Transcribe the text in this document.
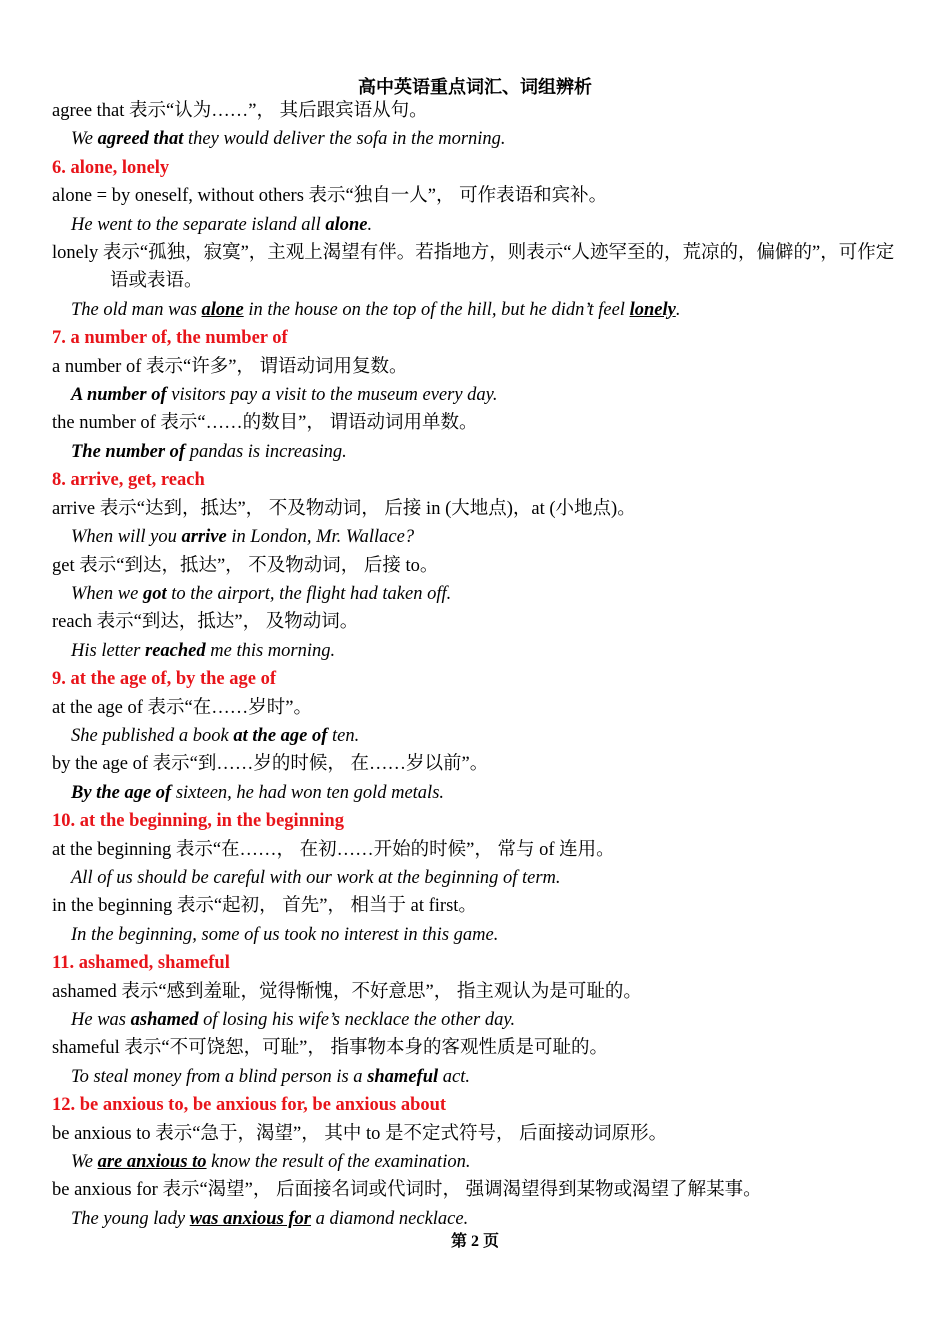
高中英语重点词汇、词组辨析
agree that 表示“认为……”， 其后跟宾语从句。
We agreed that they would deliver the sofa in the morning.
6. alone, lonely
alone = by oneself, without others 表示“独自一人”， 可作表语和宾补。
He went to the separate island all alone.
lonely 表示“孤独，寂寞”，主观上渴望有伴。若指地方，则表示“人迹罕至的，荒凉的，偏僻的”，可作定语或表语。
The old man was alone in the house on the top of the hill, but he didn’t feel lonely.
7. a number of, the number of
a number of 表示“许多”， 谓语动词用复数。
A number of visitors pay a visit to the museum every day.
the number of 表示“……的数目”， 谓语动词用单数。
The number of pandas is increasing.
8. arrive, get, reach
arrive 表示“达到，抵达”， 不及物动词， 后接 in (大地点)，at (小地点)。
When will you arrive in London, Mr. Wallace?
get 表示“到达，抵达”， 不及物动词， 后接 to。
When we got to the airport, the flight had taken off.
reach 表示“到达，抵达”， 及物动词。
His letter reached me this morning.
9. at the age of, by the age of
at the age of 表示“在……岁时”。
She published a book at the age of ten.
by the age of 表示“到……岁的时候， 在……岁以前”。
By the age of sixteen, he had won ten gold metals.
10. at the beginning, in the beginning
at the beginning 表示“在……， 在初……开始的时候”， 常与 of 连用。
All of us should be careful with our work at the beginning of term.
in the beginning 表示“起初， 首先”， 相当于 at first。
In the beginning, some of us took no interest in this game.
11. ashamed, shameful
ashamed 表示“感到羞耻，觉得惭愧，不好意思”， 指主观认为是可耻的。
He was ashamed of losing his wife’s necklace the other day.
shameful 表示“不可饶恕，可耻”， 指事物本身的客观性质是可耻的。
To steal money from a blind person is a shameful act.
12. be anxious to, be anxious for, be anxious about
be anxious to 表示“急于，渴望”， 其中 to 是不定式符号， 后面接动词原形。
We are anxious to know the result of the examination.
be anxious for 表示“渴望”， 后面接名词或代词时， 强调渴望得到某物或渴望了解某事。
The young lady was anxious for a diamond necklace.
第 2 页
